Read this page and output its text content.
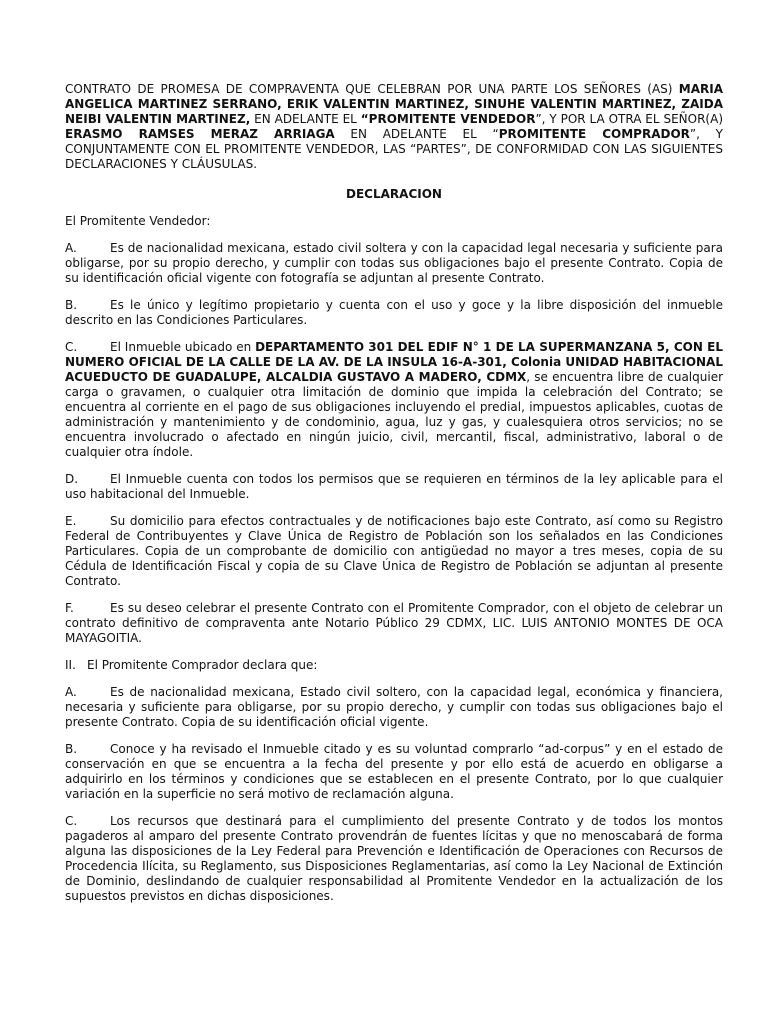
CONTRATO DE PROMESA DE COMPRAVENTA QUE CELEBRAN POR UNA PARTE LOS SEÑORES (AS) MARIA ANGELICA MARTINEZ SERRANO, ERIK VALENTIN MARTINEZ, SINUHE VALENTIN MARTINEZ, ZAIDA NEIBI VALENTIN MARTINEZ, EN ADELANTE EL “PROMITENTE VENDEDOR”, Y POR LA OTRA EL SEÑOR(A) ERASMO RAMSES MERAZ ARRIAGA EN ADELANTE EL “PROMITENTE COMPRADOR”, Y CONJUNTAMENTE CON EL PROMITENTE VENDEDOR, LAS “PARTES”, DE CONFORMIDAD CON LAS SIGUIENTES DECLARACIONES Y CLÁUSULAS.

DECLARACION

El Promitente Vendedor:

A.	Es de nacionalidad mexicana, estado civil soltera y con la capacidad legal necesaria y suficiente para obligarse, por su propio derecho, y cumplir con todas sus obligaciones bajo el presente Contrato. Copia de su identificación oficial vigente con fotografía se adjuntan al presente Contrato.

B.	Es le único y legítimo propietario y cuenta con el uso y goce y la libre disposición del inmueble descrito en las Condiciones Particulares.

C.	El Inmueble ubicado en DEPARTAMENTO 301 DEL EDIF N° 1 DE LA SUPERMANZANA 5, CON EL NUMERO OFICIAL DE LA CALLE DE LA AV. DE LA INSULA 16-A-301, Colonia UNIDAD HABITACIONAL ACUEDUCTO DE GUADALUPE, ALCALDIA GUSTAVO A MADERO, CDMX, se encuentra libre de cualquier carga o gravamen, o cualquier otra limitación de dominio que impida la celebración del Contrato; se encuentra al corriente en el pago de sus obligaciones incluyendo el predial, impuestos aplicables, cuotas de administración y mantenimiento y de condominio, agua, luz y gas, y cualesquiera otros servicios; no se encuentra involucrado o afectado en ningún juicio, civil, mercantil, fiscal, administrativo, laboral o de cualquier otra índole.

D.	El Inmueble cuenta con todos los permisos que se requieren en términos de la ley aplicable para el uso habitacional del Inmueble.

E.	Su domicilio para efectos contractuales y de notificaciones bajo este Contrato, así como su Registro Federal de Contribuyentes y Clave Única de Registro de Población son los señalados en las Condiciones Particulares. Copia de un comprobante de domicilio con antigüedad no mayor a tres meses, copia de su Cédula de Identificación Fiscal y copia de su Clave Única de Registro de Población se adjuntan al presente Contrato.

F.	Es su deseo celebrar el presente Contrato con el Promitente Comprador, con el objeto de celebrar un contrato definitivo de compraventa ante Notario Público 29 CDMX, LIC. LUIS ANTONIO MONTES DE OCA MAYAGOITIA.

II. El Promitente Comprador declara que:

A.	Es de nacionalidad mexicana, Estado civil soltero, con la capacidad legal, económica y financiera, necesaria y suficiente para obligarse, por su propio derecho, y cumplir con todas sus obligaciones bajo el presente Contrato. Copia de su identificación oficial vigente.

B.	Conoce y ha revisado el Inmueble citado y es su voluntad comprarlo “ad-corpus” y en el estado de conservación en que se encuentra a la fecha del presente y por ello está de acuerdo en obligarse a adquirirlo en los términos y condiciones que se establecen en el presente Contrato, por lo que cualquier variación en la superficie no será motivo de reclamación alguna.

C.	Los recursos que destinará para el cumplimiento del presente Contrato y de todos los montos pagaderos al amparo del presente Contrato provendrán de fuentes lícitas y que no menoscabará de forma alguna las disposiciones de la Ley Federal para Prevención e Identificación de Operaciones con Recursos de Procedencia Ilícita, su Reglamento, sus Disposiciones Reglamentarias, así como la Ley Nacional de Extinción de Dominio, deslindando de cualquier responsabilidad al Promitente Vendedor en la actualización de los supuestos previstos en dichas disposiciones.
